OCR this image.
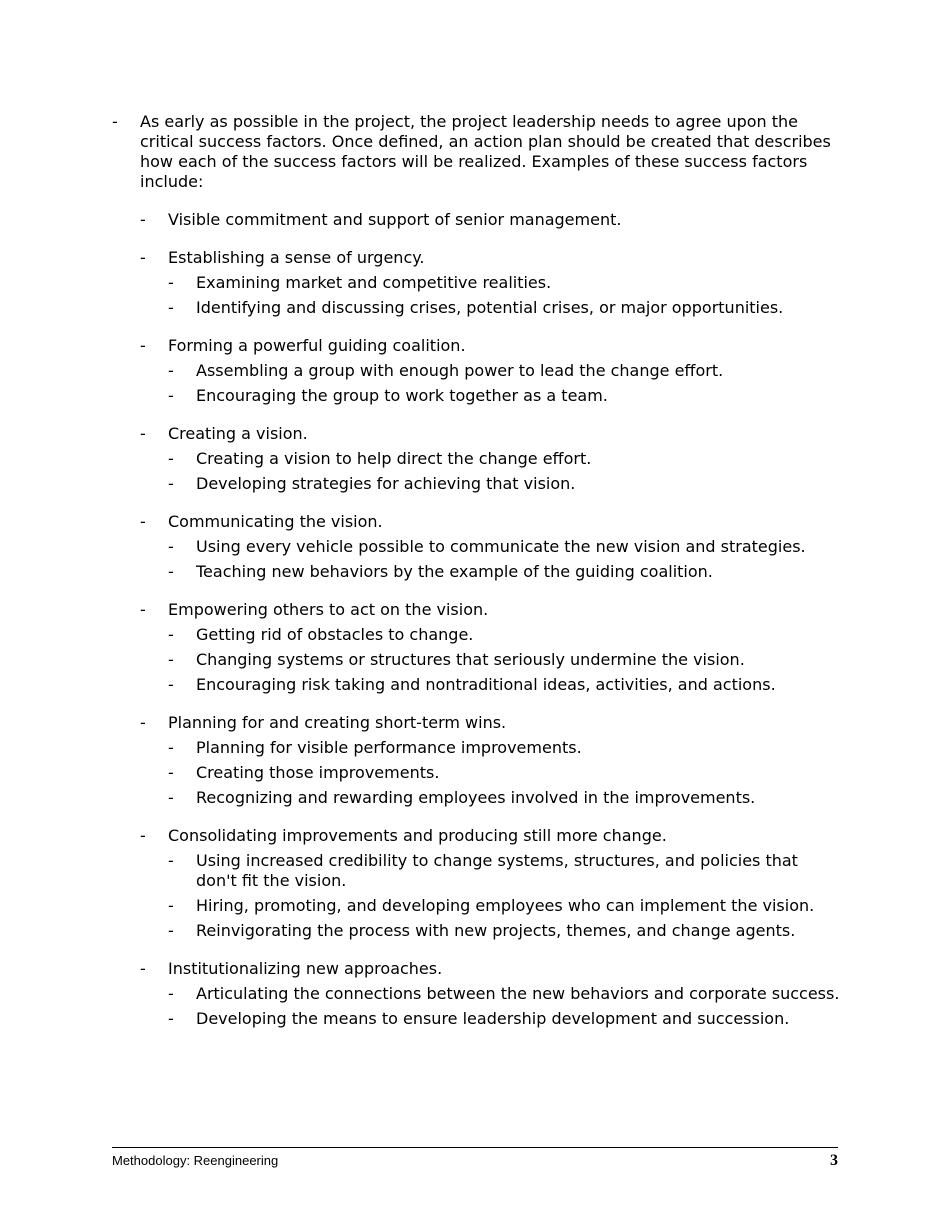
- As early as possible in the project, the project leadership needs to agree upon the critical success factors. Once defined, an action plan should be created that describes how each of the success factors will be realized. Examples of these success factors include:
- Visible commitment and support of senior management.
- Establishing a sense of urgency.
- Examining market and competitive realities.
- Identifying and discussing crises, potential crises, or major opportunities.
- Forming a powerful guiding coalition.
- Assembling a group with enough power to lead the change effort.
- Encouraging the group to work together as a team.
- Creating a vision.
- Creating a vision to help direct the change effort.
- Developing strategies for achieving that vision.
- Communicating the vision.
- Using every vehicle possible to communicate the new vision and strategies.
- Teaching new behaviors by the example of the guiding coalition.
- Empowering others to act on the vision.
- Getting rid of obstacles to change.
- Changing systems or structures that seriously undermine the vision.
- Encouraging risk taking and nontraditional ideas, activities, and actions.
- Planning for and creating short-term wins.
- Planning for visible performance improvements.
- Creating those improvements.
- Recognizing and rewarding employees involved in the improvements.
- Consolidating improvements and producing still more change.
- Using increased credibility to change systems, structures, and policies that don't fit the vision.
- Hiring, promoting, and developing employees who can implement the vision.
- Reinvigorating the process with new projects, themes, and change agents.
- Institutionalizing new approaches.
- Articulating the connections between the new behaviors and corporate success.
- Developing the means to ensure leadership development and succession.
Methodology: Reengineering	3
